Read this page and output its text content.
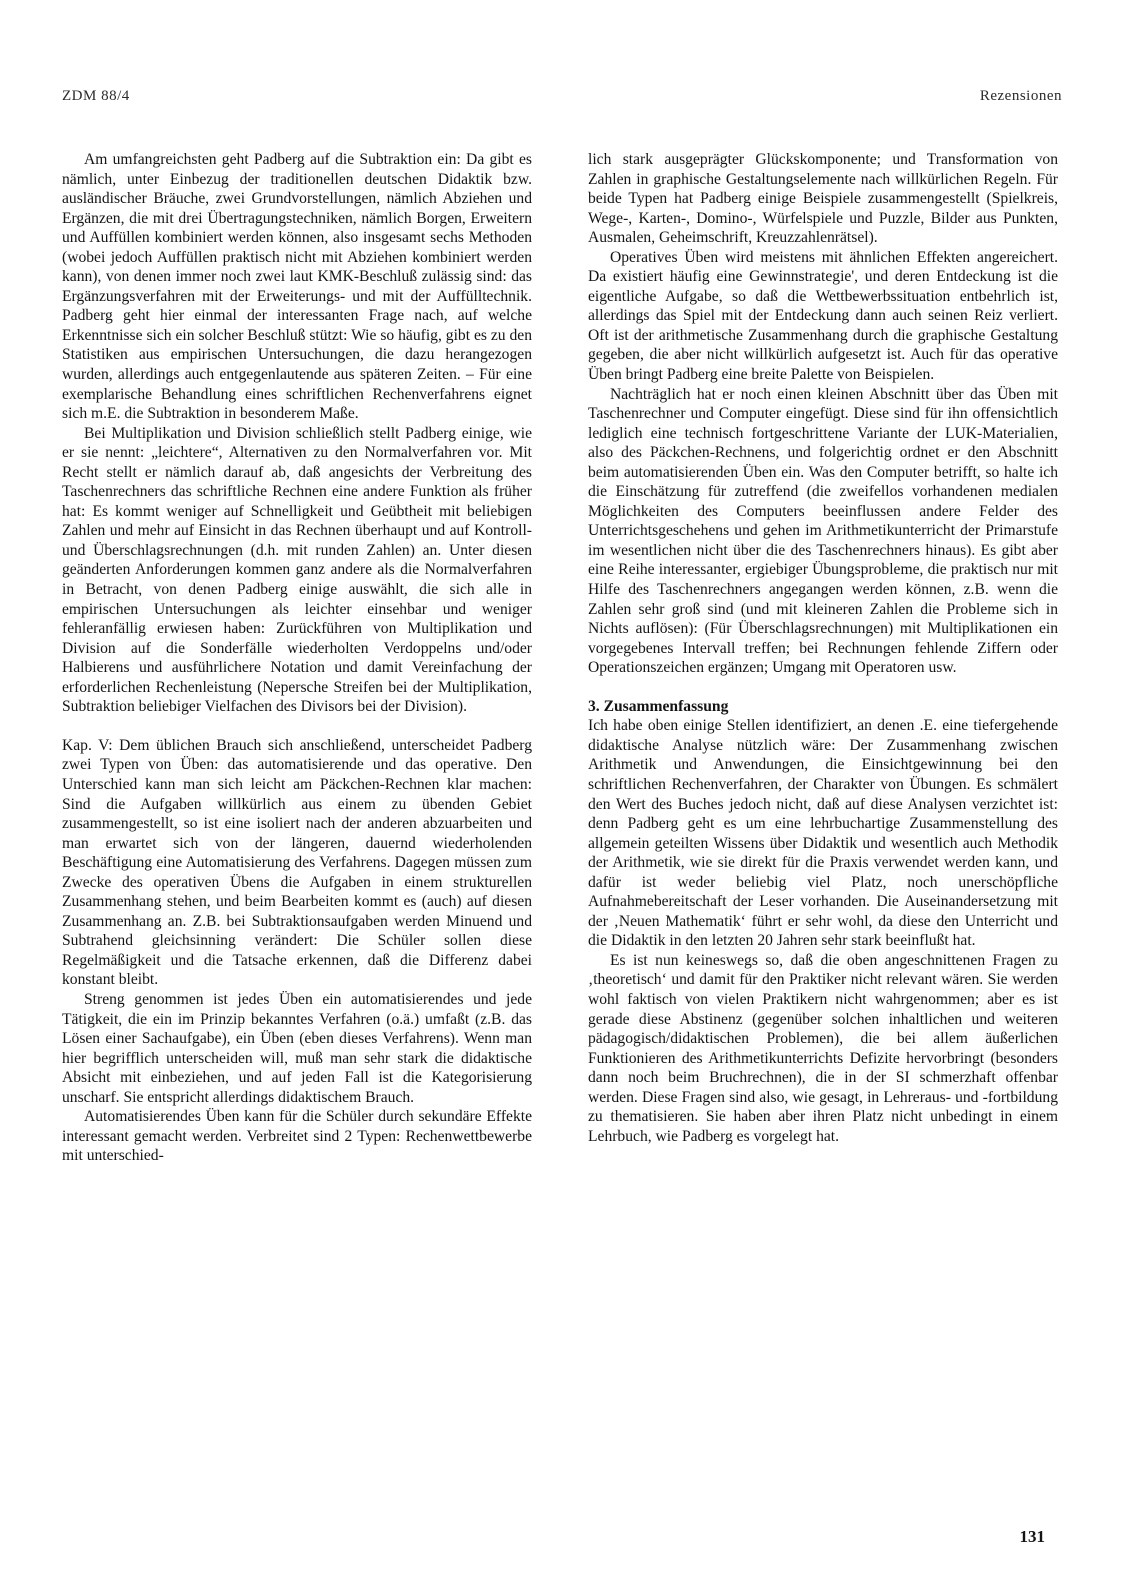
ZDM 88/4	Rezensionen

Am umfangreichsten geht Padberg auf die Subtraktion ein: Da gibt es nämlich, unter Einbezug der traditionellen deutschen Didaktik bzw. ausländischer Bräuche, zwei Grundvorstellungen, nämlich Abziehen und Ergänzen, die mit drei Übertragungstechniken, nämlich Borgen, Erweitern und Auffüllen kombiniert werden können, also insgesamt sechs Methoden (wobei jedoch Auffüllen praktisch nicht mit Abziehen kombiniert werden kann), von denen immer noch zwei laut KMK-Beschluß zulässig sind: das Ergänzungsverfahren mit der Erweiterungs- und mit der Auffülltechnik. Padberg geht hier einmal der interessanten Frage nach, auf welche Erkenntnisse sich ein solcher Beschluß stützt: Wie so häufig, gibt es zu den Statistiken aus empirischen Untersuchungen, die dazu herangezogen wurden, allerdings auch entgegenlautende aus späteren Zeiten. – Für eine exemplarische Behandlung eines schriftlichen Rechenverfahrens eignet sich m.E. die Subtraktion in besonderem Maße.

Bei Multiplikation und Division schließlich stellt Padberg einige, wie er sie nennt: „leichtere“, Alternativen zu den Normalverfahren vor. Mit Recht stellt er nämlich darauf ab, daß angesichts der Verbreitung des Taschenrechners das schriftliche Rechnen eine andere Funktion als früher hat: Es kommt weniger auf Schnelligkeit und Geübtheit mit beliebigen Zahlen und mehr auf Einsicht in das Rechnen überhaupt und auf Kontroll- und Überschlagsrechnungen (d.h. mit runden Zahlen) an. Unter diesen geänderten Anforderungen kommen ganz andere als die Normalverfahren in Betracht, von denen Padberg einige auswählt, die sich alle in empirischen Untersuchungen als leichter einsehbar und weniger fehleranfällig erwiesen haben: Zurückführen von Multiplikation und Division auf die Sonderfälle wiederholten Verdoppelns und/oder Halbierens und ausführlichere Notation und damit Vereinfachung der erforderlichen Rechenleistung (Nepersche Streifen bei der Multiplikation, Subtraktion beliebiger Vielfachen des Divisors bei der Division).

Kap. V: Dem üblichen Brauch sich anschließend, unterscheidet Padberg zwei Typen von Üben: das automatisierende und das operative. Den Unterschied kann man sich leicht am Päckchen-Rechnen klar machen: Sind die Aufgaben willkürlich aus einem zu übenden Gebiet zusammengestellt, so ist eine isoliert nach der anderen abzuarbeiten und man erwartet sich von der längeren, dauernd wiederholenden Beschäftigung eine Automatisierung des Verfahrens. Dagegen müssen zum Zwecke des operativen Übens die Aufgaben in einem strukturellen Zusammenhang stehen, und beim Bearbeiten kommt es (auch) auf diesen Zusammenhang an. Z.B. bei Subtraktionsaufgaben werden Minuend und Subtrahend gleichsinning verändert: Die Schüler sollen diese Regelmäßigkeit und die Tatsache erkennen, daß die Differenz dabei konstant bleibt.

Streng genommen ist jedes Üben ein automatisierendes und jede Tätigkeit, die ein im Prinzip bekanntes Verfahren (o.ä.) umfaßt (z.B. das Lösen einer Sachaufgabe), ein Üben (eben dieses Verfahrens). Wenn man hier begrifflich unterscheiden will, muß man sehr stark die didaktische Absicht mit einbeziehen, und auf jeden Fall ist die Kategorisierung unscharf. Sie entspricht allerdings didaktischem Brauch.

Automatisierendes Üben kann für die Schüler durch sekundäre Effekte interessant gemacht werden. Verbreitet sind 2 Typen: Rechenwettbewerbe mit unterschied-

lich stark ausgeprägter Glückskomponente; und Transformation von Zahlen in graphische Gestaltungselemente nach willkürlichen Regeln. Für beide Typen hat Padberg einige Beispiele zusammengestellt (Spielkreis, Wege-, Karten-, Domino-, Würfelspiele und Puzzle, Bilder aus Punkten, Ausmalen, Geheimschrift, Kreuzzahlenrätsel).

Operatives Üben wird meistens mit ähnlichen Effekten angereichert. Da existiert häufig eine Gewinnstrategie', und deren Entdeckung ist die eigentliche Aufgabe, so daß die Wettbewerbssituation entbehrlich ist, allerdings das Spiel mit der Entdeckung dann auch seinen Reiz verliert. Oft ist der arithmetische Zusammenhang durch die graphische Gestaltung gegeben, die aber nicht willkürlich aufgesetzt ist. Auch für das operative Üben bringt Padberg eine breite Palette von Beispielen.

Nachträglich hat er noch einen kleinen Abschnitt über das Üben mit Taschenrechner und Computer eingefügt. Diese sind für ihn offensichtlich lediglich eine technisch fortgeschrittene Variante der LUK-Materialien, also des Päckchen-Rechnens, und folgerichtig ordnet er den Abschnitt beim automatisierenden Üben ein. Was den Computer betrifft, so halte ich die Einschätzung für zutreffend (die zweifellos vorhandenen medialen Möglichkeiten des Computers beeinflussen andere Felder des Unterrichtsgeschehens und gehen im Arithmetikunterricht der Primarstufe im wesentlichen nicht über die des Taschenrechners hinaus). Es gibt aber eine Reihe interessanter, ergiebiger Übungsprobleme, die praktisch nur mit Hilfe des Taschenrechners angegangen werden können, z.B. wenn die Zahlen sehr groß sind (und mit kleineren Zahlen die Probleme sich in Nichts auflösen): (Für Überschlagsrechnungen) mit Multiplikationen ein vorgegebenes Intervall treffen; bei Rechnungen fehlende Ziffern oder Operationszeichen ergänzen; Umgang mit Operatoren usw.

3. Zusammenfassung

Ich habe oben einige Stellen identifiziert, an denen .E. eine tiefergehende didaktische Analyse nützlich wäre: Der Zusammenhang zwischen Arithmetik und Anwendungen, die Einsichtgewinnung bei den schriftlichen Rechenverfahren, der Charakter von Übungen. Es schmälert den Wert des Buches jedoch nicht, daß auf diese Analysen verzichtet ist: denn Padberg geht es um eine lehrbuchartige Zusammenstellung des allgemein geteilten Wissens über Didaktik und wesentlich auch Methodik der Arithmetik, wie sie direkt für die Praxis verwendet werden kann, und dafür ist weder beliebig viel Platz, noch unerschöpfliche Aufnahmebereitschaft der Leser vorhanden. Die Auseinandersetzung mit der ‚Neuen Mathematik‘ führt er sehr wohl, da diese den Unterricht und die Didaktik in den letzten 20 Jahren sehr stark beeinflußt hat.

Es ist nun keineswegs so, daß die oben angeschnittenen Fragen zu ‚theoretisch‘ und damit für den Praktiker nicht relevant wären. Sie werden wohl faktisch von vielen Praktikern nicht wahrgenommen; aber es ist gerade diese Abstinenz (gegenüber solchen inhaltlichen und weiteren pädagogisch/didaktischen Problemen), die bei allem äußerlichen Funktionieren des Arithmetikunterrichts Defizite hervorbringt (besonders dann noch beim Bruchrechnen), die in der SI schmerzhaft offenbar werden. Diese Fragen sind also, wie gesagt, in Lehreraus- und -fortbildung zu thematisieren. Sie haben aber ihren Platz nicht unbedingt in einem Lehrbuch, wie Padberg es vorgelegt hat.

131
